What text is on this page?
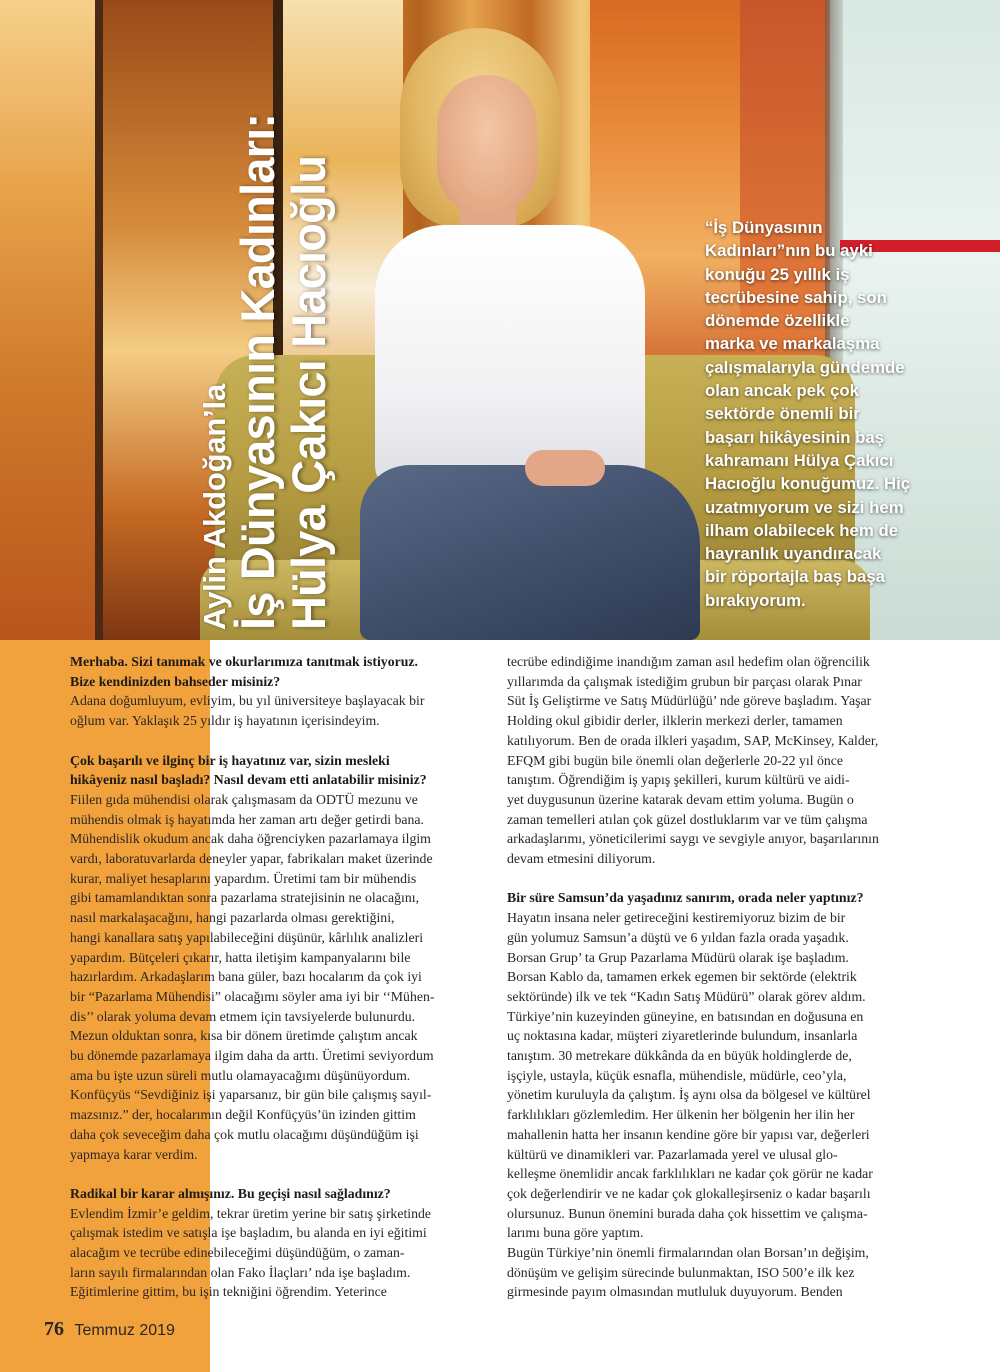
Aylin Akdoğan’la İş Dünyasının Kadınları:
Hülya Çakıcı Hacıoğlu	“İş Dünyasının
Kadınları”nın bu ayki
konuğu 25 yıllık iş
tecrübesine sahip, son
dönemde özellikle
marka ve markalaşma
çalışmalarıyla gündemde
olan ancak pek çok
sektörde önemli bir
başarı hikâyesinin baş
kahramanı Hülya Çakıcı
Hacıoğlu konuğumuz. Hiç
uzatmıyorum ve sizi hem
ilham olabilecek hem de
hayranlık uyandıracak
bir röportajla baş başa
bırakıyorum.

Merhaba. Sizi tanımak ve okurlarımıza tanıtmak istiyoruz.

Bize kendinizden bahseder misiniz?

Adana doğumluyum, evliyim, bu yıl üniversiteye başlayacak bir

oğlum var. Yaklaşık 25 yıldır iş hayatının içerisindeyim.

Çok başarılı ve ilginç bir iş hayatınız var, sizin mesleki

hikâyeniz nasıl başladı? Nasıl devam etti anlatabilir misiniz?

Fiilen gıda mühendisi olarak çalışmasam da ODTÜ mezunu ve

mühendis olmak iş hayatımda her zaman artı değer getirdi bana.

Mühendislik okudum ancak daha öğrenciyken pazarlamaya ilgim

vardı, laboratuvarlarda deneyler yapar, fabrikaları maket üzerinde

kurar, maliyet hesaplarını yapardım. Üretimi tam bir mühendis

gibi tamamlandıktan sonra pazarlama stratejisinin ne olacağını,

nasıl markalaşacağını, hangi pazarlarda olması gerektiğini,

hangi kanallara satış yapılabileceğini düşünür, kârlılık analizleri

yapardım. Bütçeleri çıkarır, hatta iletişim kampanyalarını bile

hazırlardım. Arkadaşlarım bana güler, bazı hocalarım da çok iyi

bir “Pazarlama Mühendisi” olacağımı söyler ama iyi bir ‘‘Mühen-

dis’’ olarak yoluma devam etmem için tavsiyelerde bulunurdu.

Mezun olduktan sonra, kısa bir dönem üretimde çalıştım ancak

bu dönemde pazarlamaya ilgim daha da arttı. Üretimi seviyordum

ama bu işte uzun süreli mutlu olamayacağımı düşünüyordum.

Konfüçyüs “Sevdiğiniz işi yaparsanız, bir gün bile çalışmış sayıl-

mazsınız.” der, hocalarımın değil Konfüçyüs’ün izinden gittim

daha çok seveceğim daha çok mutlu olacağımı düşündüğüm işi

yapmaya karar verdim.

Radikal bir karar almışınız. Bu geçişi nasıl sağladınız?

Evlendim İzmir’e geldim, tekrar üretim yerine bir satış şirketinde

çalışmak istedim ve satışla işe başladım, bu alanda en iyi eğitimi

alacağım ve tecrübe edinebileceğimi düşündüğüm, o zaman-

ların sayılı firmalarından olan Fako İlaçları’ nda işe başladım.

Eğitimlerine gittim, bu işin tekniğini öğrendim. Yeterince

tecrübe edindiğime inandığım zaman asıl hedefim olan öğrencilik

yıllarımda da çalışmak istediğim grubun bir parçası olarak Pınar

Süt İş Geliştirme ve Satış Müdürlüğü’ nde göreve başladım. Yaşar

Holding okul gibidir derler, ilklerin merkezi derler, tamamen

katılıyorum. Ben de orada ilkleri yaşadım, SAP, McKinsey, Kalder,

EFQM gibi bugün bile önemli olan değerlerle 20-22 yıl önce

tanıştım. Öğrendiğim iş yapış şekilleri, kurum kültürü ve aidi-

yet duygusunun üzerine katarak devam ettim yoluma. Bugün o

zaman temelleri atılan çok güzel dostluklarım var ve tüm çalışma

arkadaşlarımı, yöneticilerimi saygı ve sevgiyle anıyor, başarılarının

devam etmesini diliyorum.

Bir süre Samsun’da yaşadınız sanırım, orada neler yaptınız?

Hayatın insana neler getireceğini kestiremiyoruz bizim de bir

gün yolumuz Samsun’a düştü ve 6 yıldan fazla orada yaşadık.

Borsan Grup’ ta Grup Pazarlama Müdürü olarak işe başladım.

Borsan Kablo da, tamamen erkek egemen bir sektörde (elektrik

sektöründe) ilk ve tek “Kadın Satış Müdürü” olarak görev aldım.

Türkiye’nin kuzeyinden güneyine, en batısından en doğusuna en

uç noktasına kadar, müşteri ziyaretlerinde bulundum, insanlarla

tanıştım. 30 metrekare dükkânda da en büyük holdinglerde de,

işçiyle, ustayla, küçük esnafla, mühendisle, müdürle, ceo’yla,

yönetim kuruluyla da çalıştım. İş aynı olsa da bölgesel ve kültürel

farklılıkları gözlemledim. Her ülkenin her bölgenin her ilin her

mahallenin hatta her insanın kendine göre bir yapısı var, değerleri

kültürü ve dinamikleri var. Pazarlamada yerel ve ulusal glo-

kelleşme önemlidir ancak farklılıkları ne kadar çok görür ne kadar

çok değerlendirir ve ne kadar çok glokalleşirseniz o kadar başarılı

olursunuz. Bunun önemini burada daha çok hissettim ve çalışma-

larımı buna göre yaptım.

Bugün Türkiye’nin önemli firmalarından olan Borsan’ın değişim,

dönüşüm ve gelişim sürecinde bulunmaktan, ISO 500’e ilk kez

girmesinde payım olmasından mutluluk duyuyorum. Benden

76 Temmuz 2019
